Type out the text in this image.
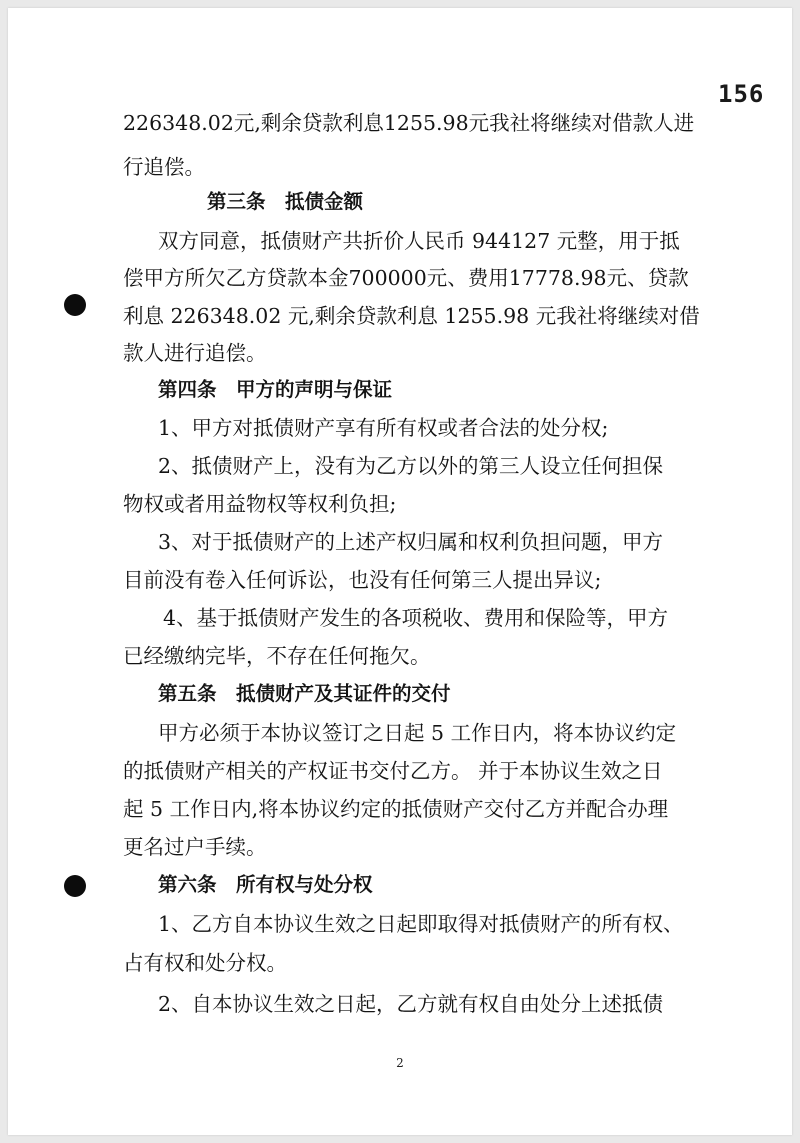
156
226348.02元,剩余贷款利息1255.98元我社将继续对借款人进
行追偿。
第三条　抵债金额
双方同意，抵债财产共折价人民币 944127 元整，用于抵
偿甲方所欠乙方贷款本金700000元、费用17778.98元、贷款
利息 226348.02 元,剩余贷款利息 1255.98 元我社将继续对借
款人进行追偿。
第四条　甲方的声明与保证
1、甲方对抵债财产享有所有权或者合法的处分权;
2、抵债财产上，没有为乙方以外的第三人设立任何担保
物权或者用益物权等权利负担;
3、对于抵债财产的上述产权归属和权利负担问题，甲方
目前没有卷入任何诉讼，也没有任何第三人提出异议;
4、基于抵债财产发生的各项税收、费用和保险等，甲方
已经缴纳完毕，不存在任何拖欠。
第五条　抵债财产及其证件的交付
甲方必须于本协议签订之日起 5 工作日内，将本协议约定
的抵债财产相关的产权证书交付乙方。 并于本协议生效之日
起 5 工作日内,将本协议约定的抵债财产交付乙方并配合办理
更名过户手续。
第六条　所有权与处分权
1、乙方自本协议生效之日起即取得对抵债财产的所有权、
占有权和处分权。
2、自本协议生效之日起，乙方就有权自由处分上述抵债
2
